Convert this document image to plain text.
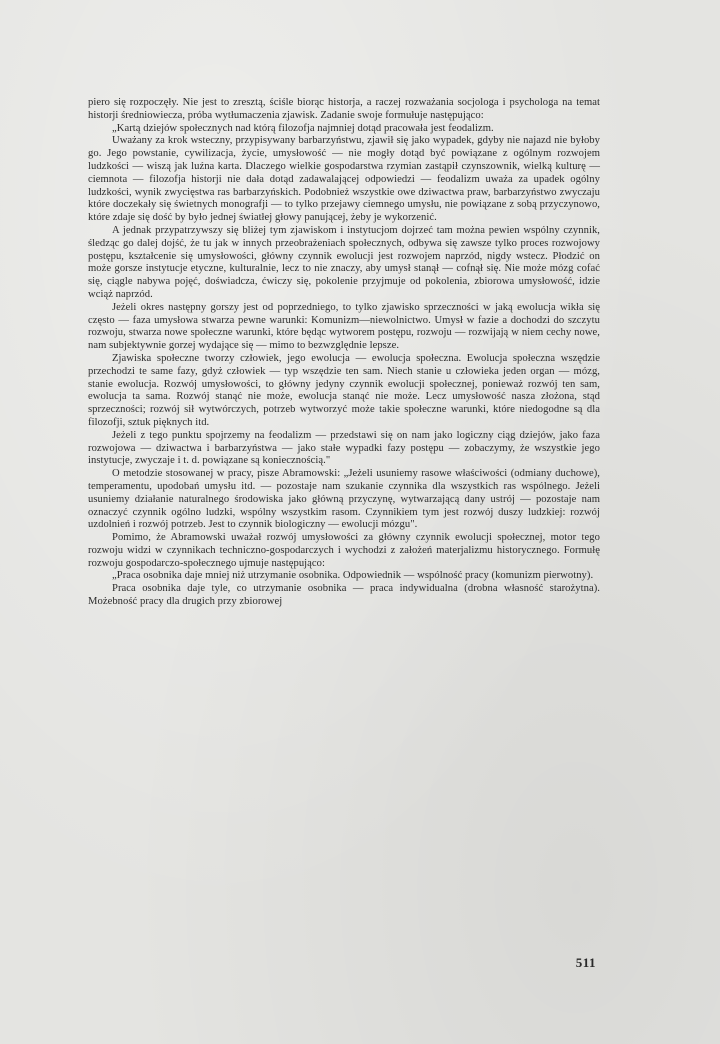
piero się rozpoczęły. Nie jest to zresztą, ściśle biorąc historja, a raczej rozważania socjologa i psychologa na temat historji średniowiecza, próba wytłumaczenia zjawisk. Zadanie swoje formułuje następująco:

„Kartą dziejów społecznych nad którą filozofja najmniej dotąd pracowała jest feodalizm.

Uważany za krok wsteczny, przypisywany barbarzyństwu, zjawił się jako wypadek, gdyby nie najazd nie byłoby go. Jego powstanie, cywilizacja, życie, umysłowość — nie mogły dotąd być powiązane z ogólnym rozwojem ludzkości — wiszą jak luźna karta. Dlaczego wielkie gospodarstwa rzymian zastąpił czynszownik, wielką kulturę — ciemnota — filozofja historji nie dała dotąd zadawalającej odpowiedzi — feodalizm uważa za upadek ogólny ludzkości, wynik zwycięstwa ras barbarzyńskich. Podobnież wszystkie owe dziwactwa praw, barbarzyństwo zwyczaju które doczekały się świetnych monografji — to tylko przejawy ciemnego umysłu, nie powiązane z sobą przyczynowo, które zdaje się dość by było jednej światłej głowy panującej, żeby je wykorzenić.

A jednak przypatrzywszy się bliżej tym zjawiskom i instytucjom dojrzeć tam można pewien wspólny czynnik, śledząc go dalej dojść, że tu jak w innych przeobrażeniach społecznych, odbywa się zawsze tylko proces rozwojowy postępu, kształcenie się umysłowości, główny czynnik ewolucji jest rozwojem naprzód, nigdy wstecz. Płodzić on może gorsze instytucje etyczne, kulturalnie, lecz to nie znaczy, aby umysł stanął — cofnął się. Nie może mózg cofać się, ciągle nabywa pojęć, doświadcza, ćwiczy się, pokolenie przyjmuje od pokolenia, zbiorowa umysłowość, idzie wciąż naprzód.

Jeżeli okres następny gorszy jest od poprzedniego, to tylko zjawisko sprzeczności w jaką ewolucja wikła się często — faza umysłowa stwarza pewne warunki: Komunizm—niewolnictwo. Umysł w fazie a dochodzi do szczytu rozwoju, stwarza nowe społeczne warunki, które będąc wytworem postępu, rozwoju — rozwijają w niem cechy nowe, nam subjektywnie gorzej wydające się — mimo to bezwzględnie lepsze.

Zjawiska społeczne tworzy człowiek, jego ewolucja — ewolucja społeczna. Ewolucja społeczna wszędzie przechodzi te same fazy, gdyż człowiek — typ wszędzie ten sam. Niech stanie u człowieka jeden organ — mózg, stanie ewolucja. Rozwój umysłowości, to główny jedyny czynnik ewolucji społecznej, ponieważ rozwój ten sam, ewolucja ta sama. Rozwój stanąć nie może, ewolucja stanąć nie może. Lecz umysłowość nasza złożona, stąd sprzeczności; rozwój sił wytwórczych, potrzeb wytworzyć może takie społeczne warunki, które niedogodne są dla filozofji, sztuk pięknych itd.

Jeżeli z tego punktu spojrzemy na feodalizm — przedstawi się on nam jako logiczny ciąg dziejów, jako faza rozwojowa — dziwactwa i barbarzyństwa — jako stałe wypadki fazy postępu — zobaczymy, że wszystkie jego instytucje, zwyczaje i t. d. powiązane są koniecznością."

O metodzie stosowanej w pracy, pisze Abramowski: „Jeżeli usuniemy rasowe właściwości (odmiany duchowe), temperamentu, upodobań umysłu itd. — pozostaje nam szukanie czynnika dla wszystkich ras wspólnego. Jeżeli usuniemy działanie naturalnego środowiska jako główną przyczynę, wytwarzającą dany ustrój — pozostaje nam oznaczyć czynnik ogólno ludzki, wspólny wszystkim rasom. Czynnikiem tym jest rozwój duszy ludzkiej: rozwój uzdolnień i rozwój potrzeb. Jest to czynnik biologiczny — ewolucji mózgu".

Pomimo, że Abramowski uważał rozwój umysłowości za główny czynnik ewolucji społecznej, motor tego rozwoju widzi w czynnikach techniczno-gospodarczych i wychodzi z założeń materjalizmu historycznego. Formułę rozwoju gospodarczo-społecznego ujmuje następująco:

„Praca osobnika daje mniej niż utrzymanie osobnika. Odpowiednik — wspólność pracy (komunizm pierwotny).

Praca osobnika daje tyle, co utrzymanie osobnika — praca indywidualna (drobna własność starożytna). Możebność pracy dla drugich przy zbiorowej

511
